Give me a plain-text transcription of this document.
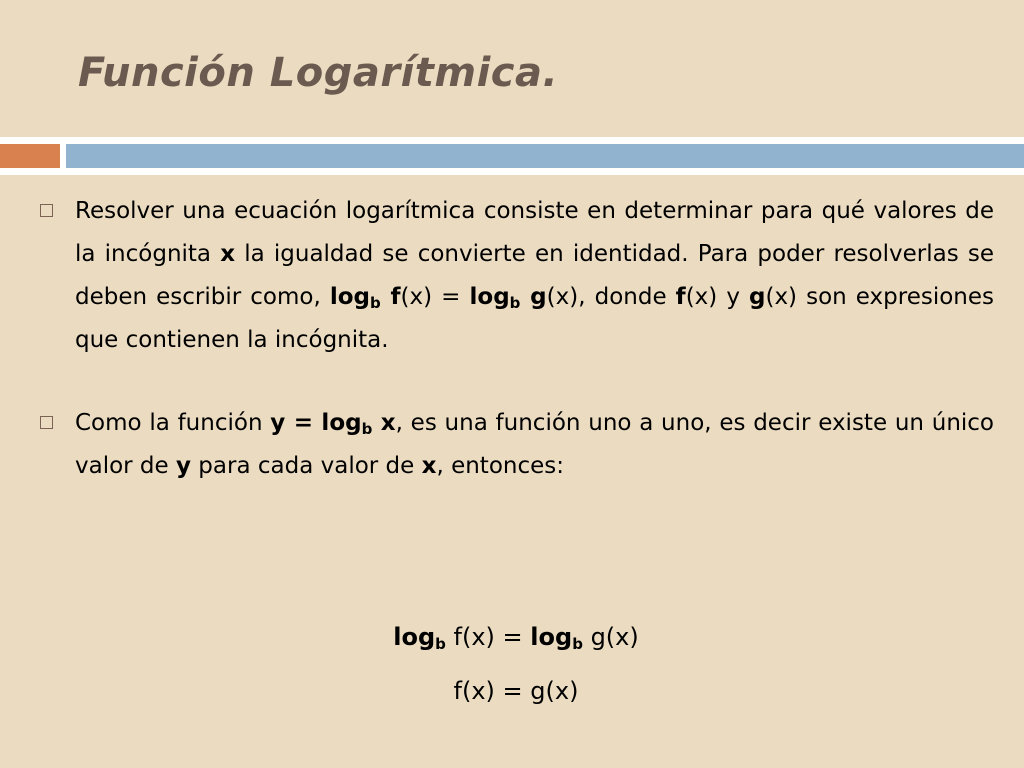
Función Logarítmica.
Resolver una ecuación logarítmica consiste en determinar para qué valores de la incógnita x la igualdad se convierte en identidad. Para poder resolverlas se deben escribir como, $\log_b f(x) = \log_b g(x)$, donde f(x) y g(x) son expresiones que contienen la incógnita.
Como la función $y = \log_b x$, es una función uno a uno, es decir existe un único valor de y para cada valor de x, entonces:
$\log_b f(x) = \log_b g(x)$
f(x) = g(x)
